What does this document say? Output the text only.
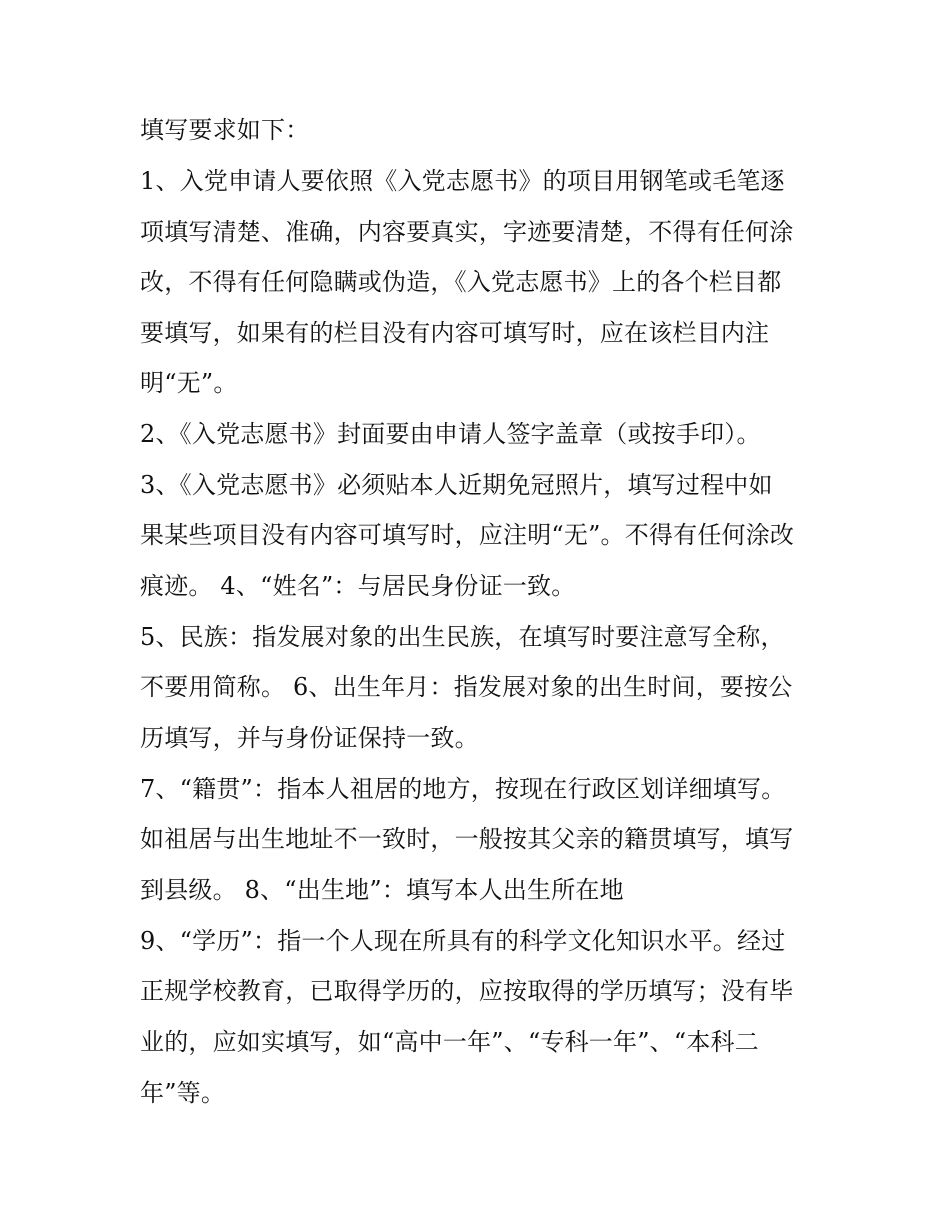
填写要求如下：
1、入党申请人要依照《入党志愿书》的项目用钢笔或毛笔逐
项填写清楚、准确，内容要真实，字迹要清楚，不得有任何涂
改，不得有任何隐瞒或伪造，《入党志愿书》上的各个栏目都
要填写，如果有的栏目没有内容可填写时，应在该栏目内注
明“无”。
2、《入党志愿书》封面要由申请人签字盖章（或按手印）。
3、《入党志愿书》必须贴本人近期免冠照片，填写过程中如
果某些项目没有内容可填写时，应注明“无”。不得有任何涂改
痕迹。 4、“姓名”：与居民身份证一致。
5、民族：指发展对象的出生民族，在填写时要注意写全称，
不要用简称。 6、出生年月：指发展对象的出生时间，要按公
历填写，并与身份证保持一致。
7、“籍贯”：指本人祖居的地方，按现在行政区划详细填写。
如祖居与出生地址不一致时，一般按其父亲的籍贯填写，填写
到县级。 8、“出生地”：填写本人出生所在地
9、“学历”：指一个人现在所具有的科学文化知识水平。经过
正规学校教育，已取得学历的，应按取得的学历填写；没有毕
业的，应如实填写，如“高中一年”、“专科一年”、“本科二
年”等。
